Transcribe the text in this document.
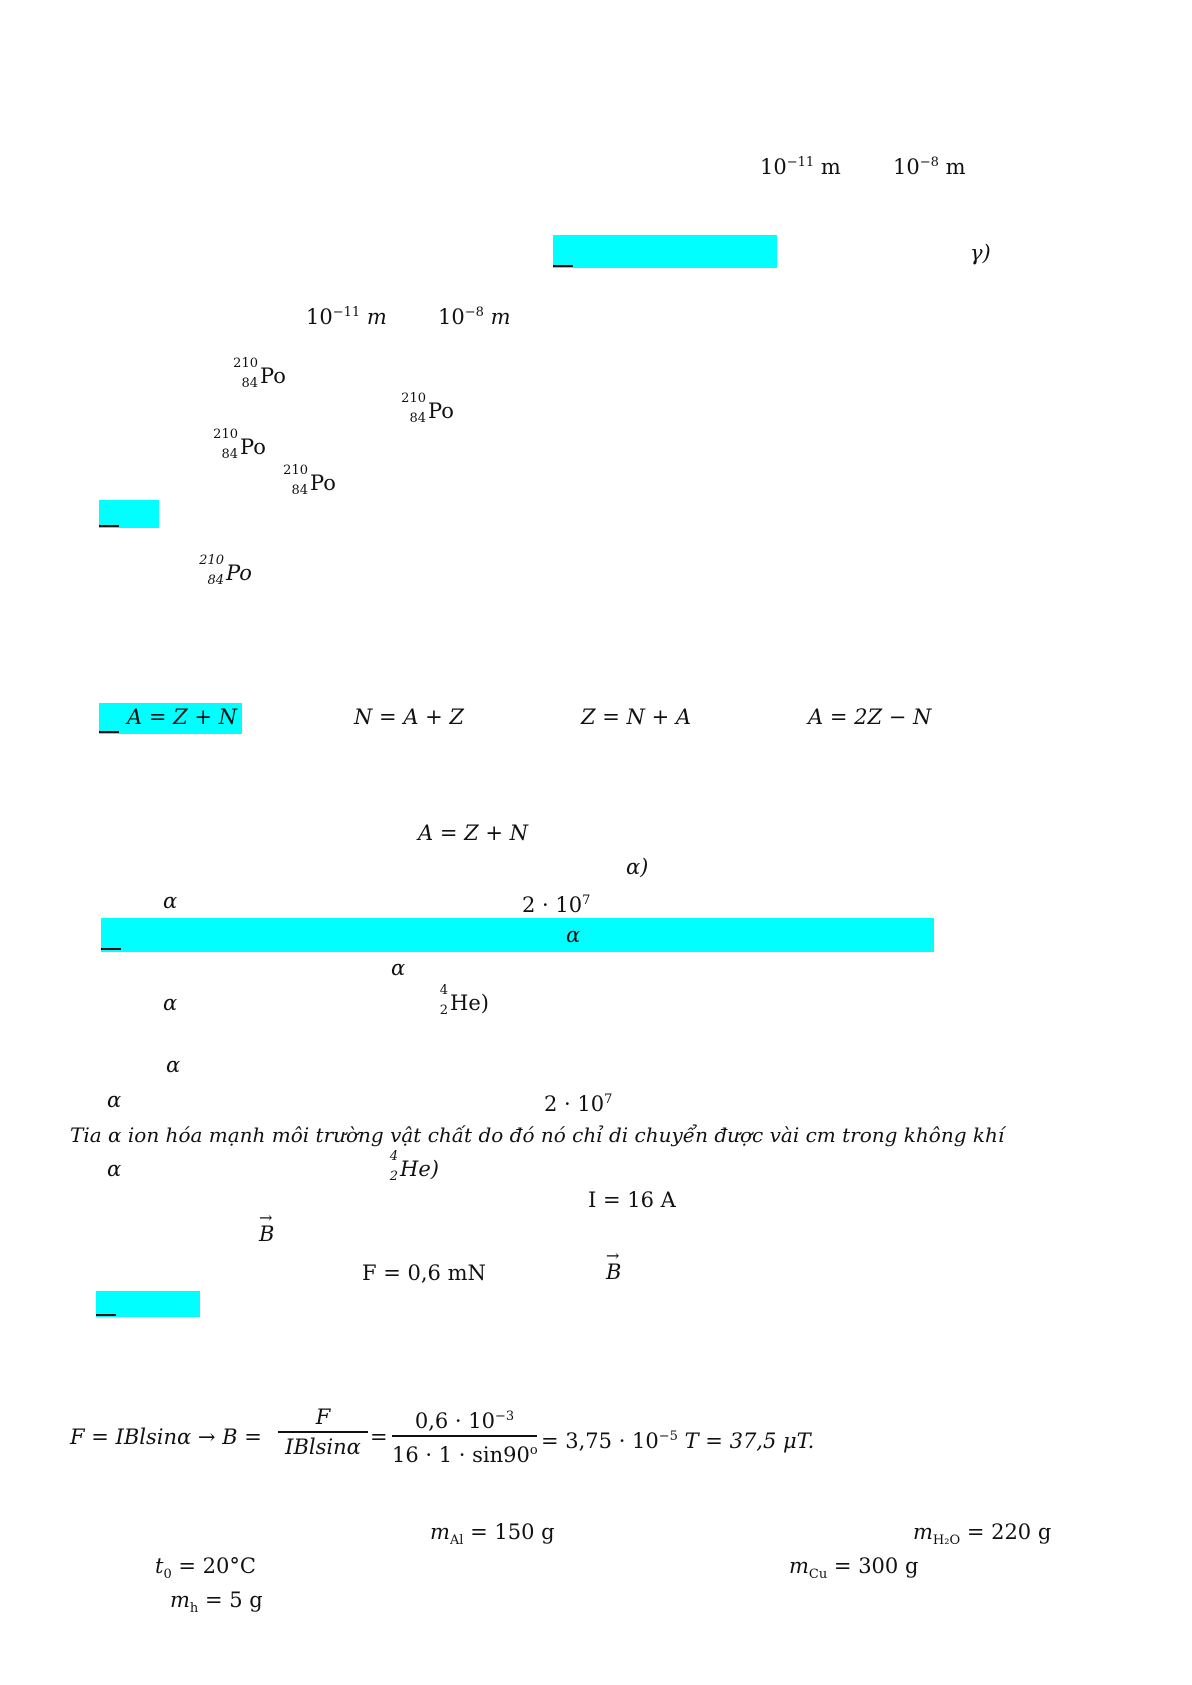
$10^{-11}$ m $10^{-8}$ m
γ)
$10^{-11}$ m $10^{-8}$ m
210
84 Po
210
84 Po
210
84 Po
210
84 Po
210
84 Po
A = Z + N	N = A + Z	Z = N + A	A = 2Z − N
A = Z + N
α)
α	$2 \cdot 10^7$
α
α
α
4
2 He)
α
α	$2 \cdot 10^7$
Tia α ion hóa mạnh môi trường vật chất do đó nó chỉ di chuyển được vài cm trong không khí
α
4
2 He)
I = 16 A
→
B
F = 0,6 mN
→
B
F = IBlsinα → B =
F
IBlsinα =
$0,6 \cdot 10^{-3}$
$16 \cdot 1 \cdot \sin 90^o = 3,75 \cdot 10^{-5}$ T = 37,5 μT.
$m_{Al} = 150$ g	$m_{H_2O} = 220$ g
$t_0 = 20^\circ C$	$m_{Cu} = 300$ g
$m_h = 5$ g
